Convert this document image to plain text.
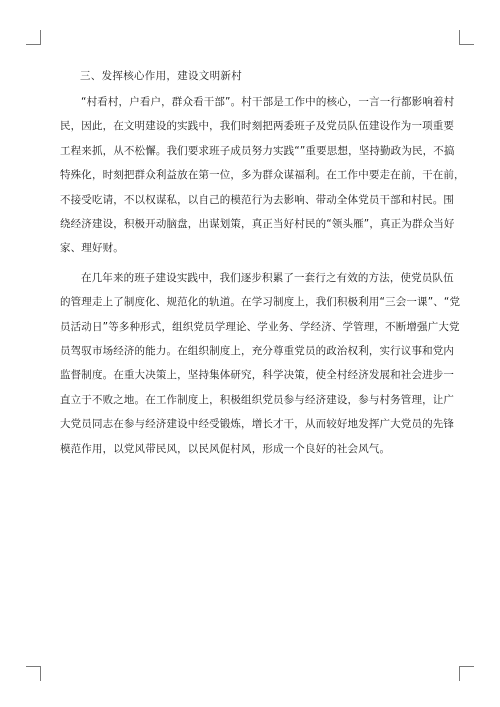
三、发挥核心作用，建设文明新村
“村看村，户看户，群众看干部”。村干部是工作中的核心，一言一行都影响着村
民，因此，在文明建设的实践中，我们时刻把两委班子及党员队伍建设作为一项重要
工程来抓，从不松懈。我们要求班子成员努力实践“”重要思想，坚持勤政为民，不搞
特殊化，时刻把群众利益放在第一位，多为群众谋福利。在工作中要走在前，干在前，
不接受吃请，不以权谋私，以自己的模范行为去影响、带动全体党员干部和村民。围
绕经济建设，积极开动脑盘，出谋划策，真正当好村民的“领头雁”，真正为群众当好
家、理好财。
在几年来的班子建设实践中，我们逐步积累了一套行之有效的方法，使党员队伍
的管理走上了制度化、规范化的轨道。在学习制度上，我们积极利用“三会一课”、“党
员活动日”等多种形式，组织党员学理论、学业务、学经济、学管理，不断增强广大党
员驾驭市场经济的能力。在组织制度上，充分尊重党员的政治权利，实行议事和党内
监督制度。在重大决策上，坚持集体研究，科学决策，使全村经济发展和社会进步一
直立于不败之地。在工作制度上，积极组织党员参与经济建设，参与村务管理，让广
大党员同志在参与经济建设中经受锻炼，增长才干，从而较好地发挥广大党员的先锋
模范作用，以党风带民风，以民风促村风，形成一个良好的社会风气。
